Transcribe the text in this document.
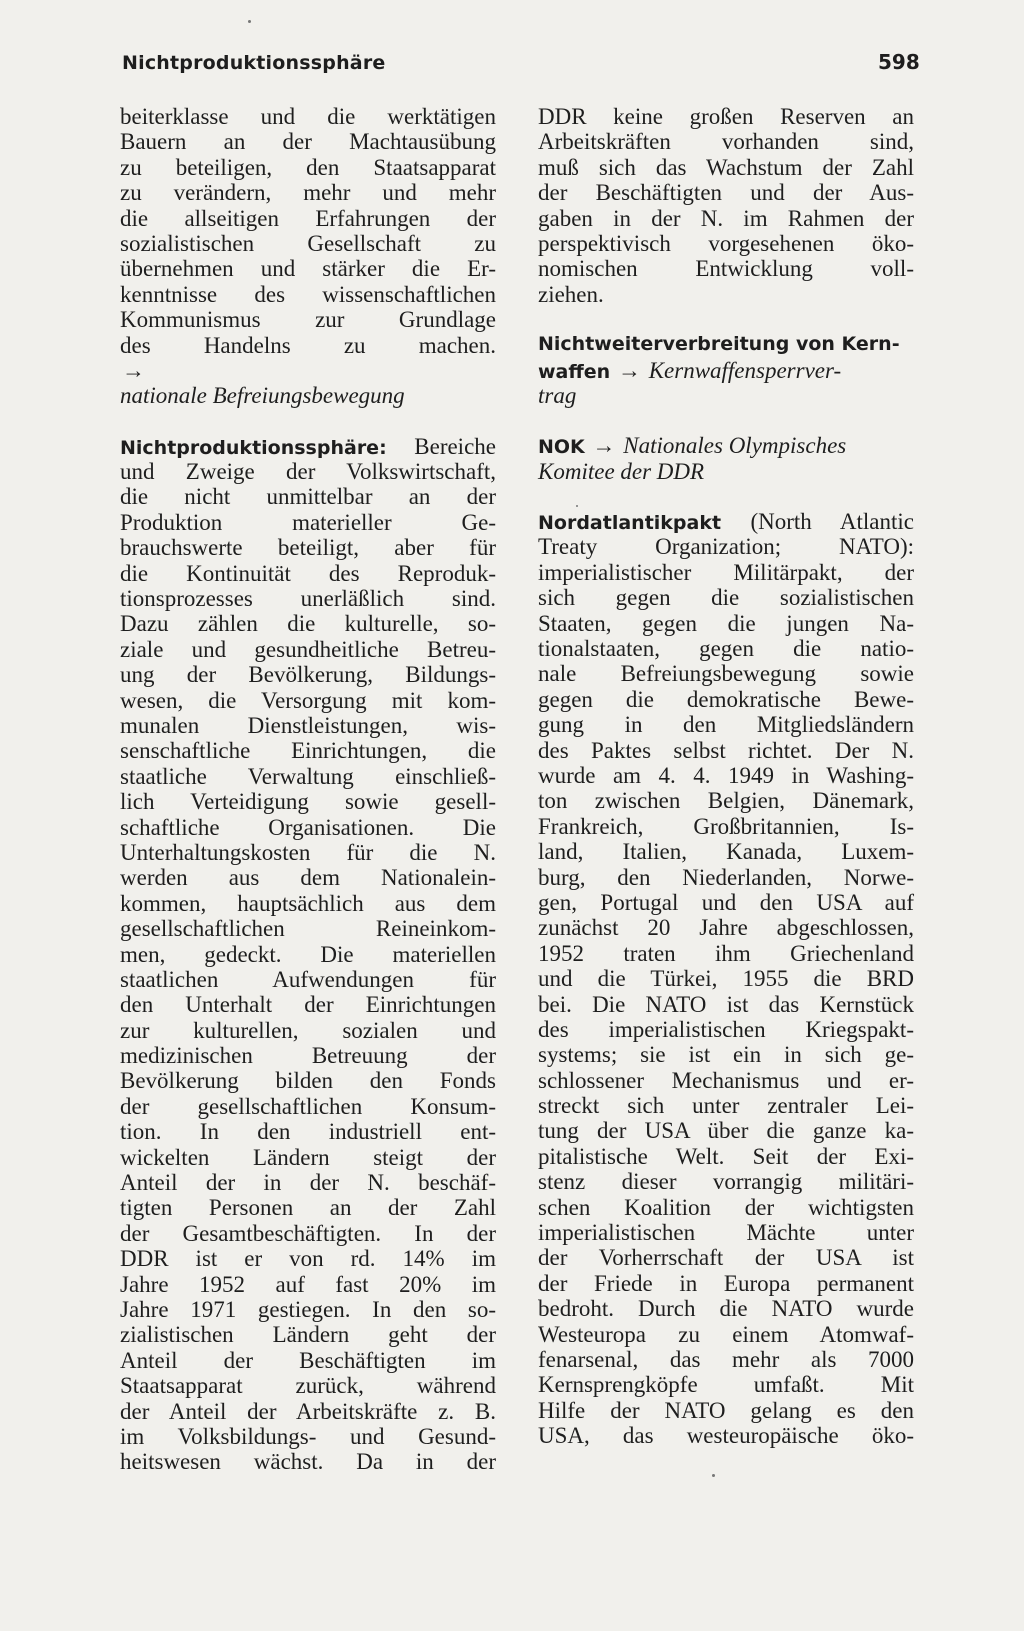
Nichtproduktionssphäre	598
beiterklasse und die werktätigen
Bauern an der Machtausübung
zu beteiligen, den Staatsapparat
zu verändern, mehr und mehr
die allseitigen Erfahrungen der
sozialistischen Gesellschaft zu
übernehmen und stärker die Er-
kenntnisse des wissenschaftlichen
Kommunismus zur Grundlage
des Handelns zu machen.
→
nationale Befreiungsbewegung
Nichtproduktionssphäre: Bereiche
und Zweige der Volkswirtschaft,
die nicht unmittelbar an der
Produktion materieller Ge-
brauchswerte beteiligt, aber für
die Kontinuität des Reproduk-
tionsprozesses unerläßlich sind.
Dazu zählen die kulturelle, so-
ziale und gesundheitliche Betreu-
ung der Bevölkerung, Bildungs-
wesen, die Versorgung mit kom-
munalen Dienstleistungen, wis-
senschaftliche Einrichtungen, die
staatliche Verwaltung einschließ-
lich Verteidigung sowie gesell-
schaftliche Organisationen. Die
Unterhaltungskosten für die N.
werden aus dem Nationalein-
kommen, hauptsächlich aus dem
gesellschaftlichen Reineinkom-
men, gedeckt. Die materiellen
staatlichen Aufwendungen für
den Unterhalt der Einrichtungen
zur kulturellen, sozialen und
medizinischen Betreuung der
Bevölkerung bilden den Fonds
der gesellschaftlichen Konsum-
tion. In den industriell ent-
wickelten Ländern steigt der
Anteil der in der N. beschäf-
tigten Personen an der Zahl
der Gesamtbeschäftigten. In der
DDR ist er von rd. 14% im
Jahre 1952 auf fast 20% im
Jahre 1971 gestiegen. In den so-
zialistischen Ländern geht der
Anteil der Beschäftigten im
Staatsapparat zurück, während
der Anteil der Arbeitskräfte z. B.
im Volksbildungs- und Gesund-
heitswesen wächst. Da in der
DDR keine großen Reserven an
Arbeitskräften vorhanden sind,
muß sich das Wachstum der Zahl
der Beschäftigten und der Aus-
gaben in der N. im Rahmen der
perspektivisch vorgesehenen öko-
nomischen Entwicklung voll-
ziehen.
Nichtweiterverbreitung von Kern-
waffen → Kernwaffensperrver-
trag
NOK → Nationales Olympisches
Komitee der DDR
Nordatlantikpakt (North Atlantic
Treaty Organization; NATO):
imperialistischer Militärpakt, der
sich gegen die sozialistischen
Staaten, gegen die jungen Na-
tionalstaaten, gegen die natio-
nale Befreiungsbewegung sowie
gegen die demokratische Bewe-
gung in den Mitgliedsländern
des Paktes selbst richtet. Der N.
wurde am 4. 4. 1949 in Washing-
ton zwischen Belgien, Dänemark,
Frankreich, Großbritannien, Is-
land, Italien, Kanada, Luxem-
burg, den Niederlanden, Norwe-
gen, Portugal und den USA auf
zunächst 20 Jahre abgeschlossen,
1952 traten ihm Griechenland
und die Türkei, 1955 die BRD
bei. Die NATO ist das Kernstück
des imperialistischen Kriegspakt-
systems; sie ist ein in sich ge-
schlossener Mechanismus und er-
streckt sich unter zentraler Lei-
tung der USA über die ganze ka-
pitalistische Welt. Seit der Exi-
stenz dieser vorrangig militäri-
schen Koalition der wichtigsten
imperialistischen Mächte unter
der Vorherrschaft der USA ist
der Friede in Europa permanent
bedroht. Durch die NATO wurde
Westeuropa zu einem Atomwaf-
fenarsenal, das mehr als 7000
Kernsprengköpfe umfaßt. Mit
Hilfe der NATO gelang es den
USA, das westeuropäische öko-
